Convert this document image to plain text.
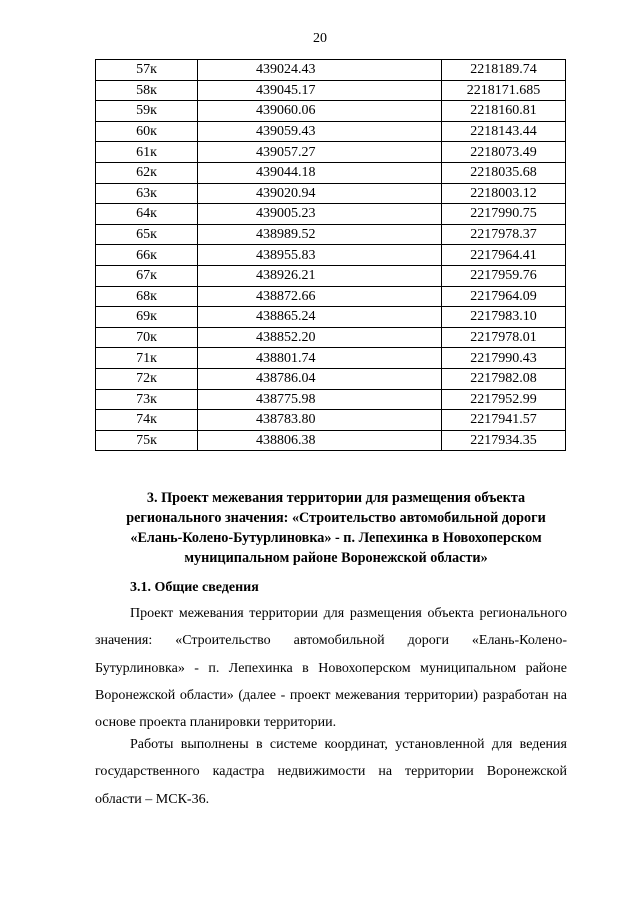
20
57к	439024.43	2218189.74
58к	439045.17	2218171.685
59к	439060.06	2218160.81
60к	439059.43	2218143.44
61к	439057.27	2218073.49
62к	439044.18	2218035.68
63к	439020.94	2218003.12
64к	439005.23	2217990.75
65к	438989.52	2217978.37
66к	438955.83	2217964.41
67к	438926.21	2217959.76
68к	438872.66	2217964.09
69к	438865.24	2217983.10
70к	438852.20	2217978.01
71к	438801.74	2217990.43
72к	438786.04	2217982.08
73к	438775.98	2217952.99
74к	438783.80	2217941.57
75к	438806.38	2217934.35
3. Проект межевания территории для размещения объекта регионального значения: «Строительство автомобильной дороги «Елань-Колено-Бутурлиновка» - п. Лепехинка в Новохоперском муниципальном районе Воронежской области»
3.1. Общие сведения
Проект межевания территории для размещения объекта регионального значения: «Строительство автомобильной дороги «Елань-Колено-Бутурлиновка» - п. Лепехинка в Новохоперском муниципальном районе Воронежской области» (далее - проект межевания территории) разработан на основе проекта планировки территории.
Работы выполнены в системе координат, установленной для ведения государственного кадастра недвижимости на территории Воронежской области – МСК-36.
